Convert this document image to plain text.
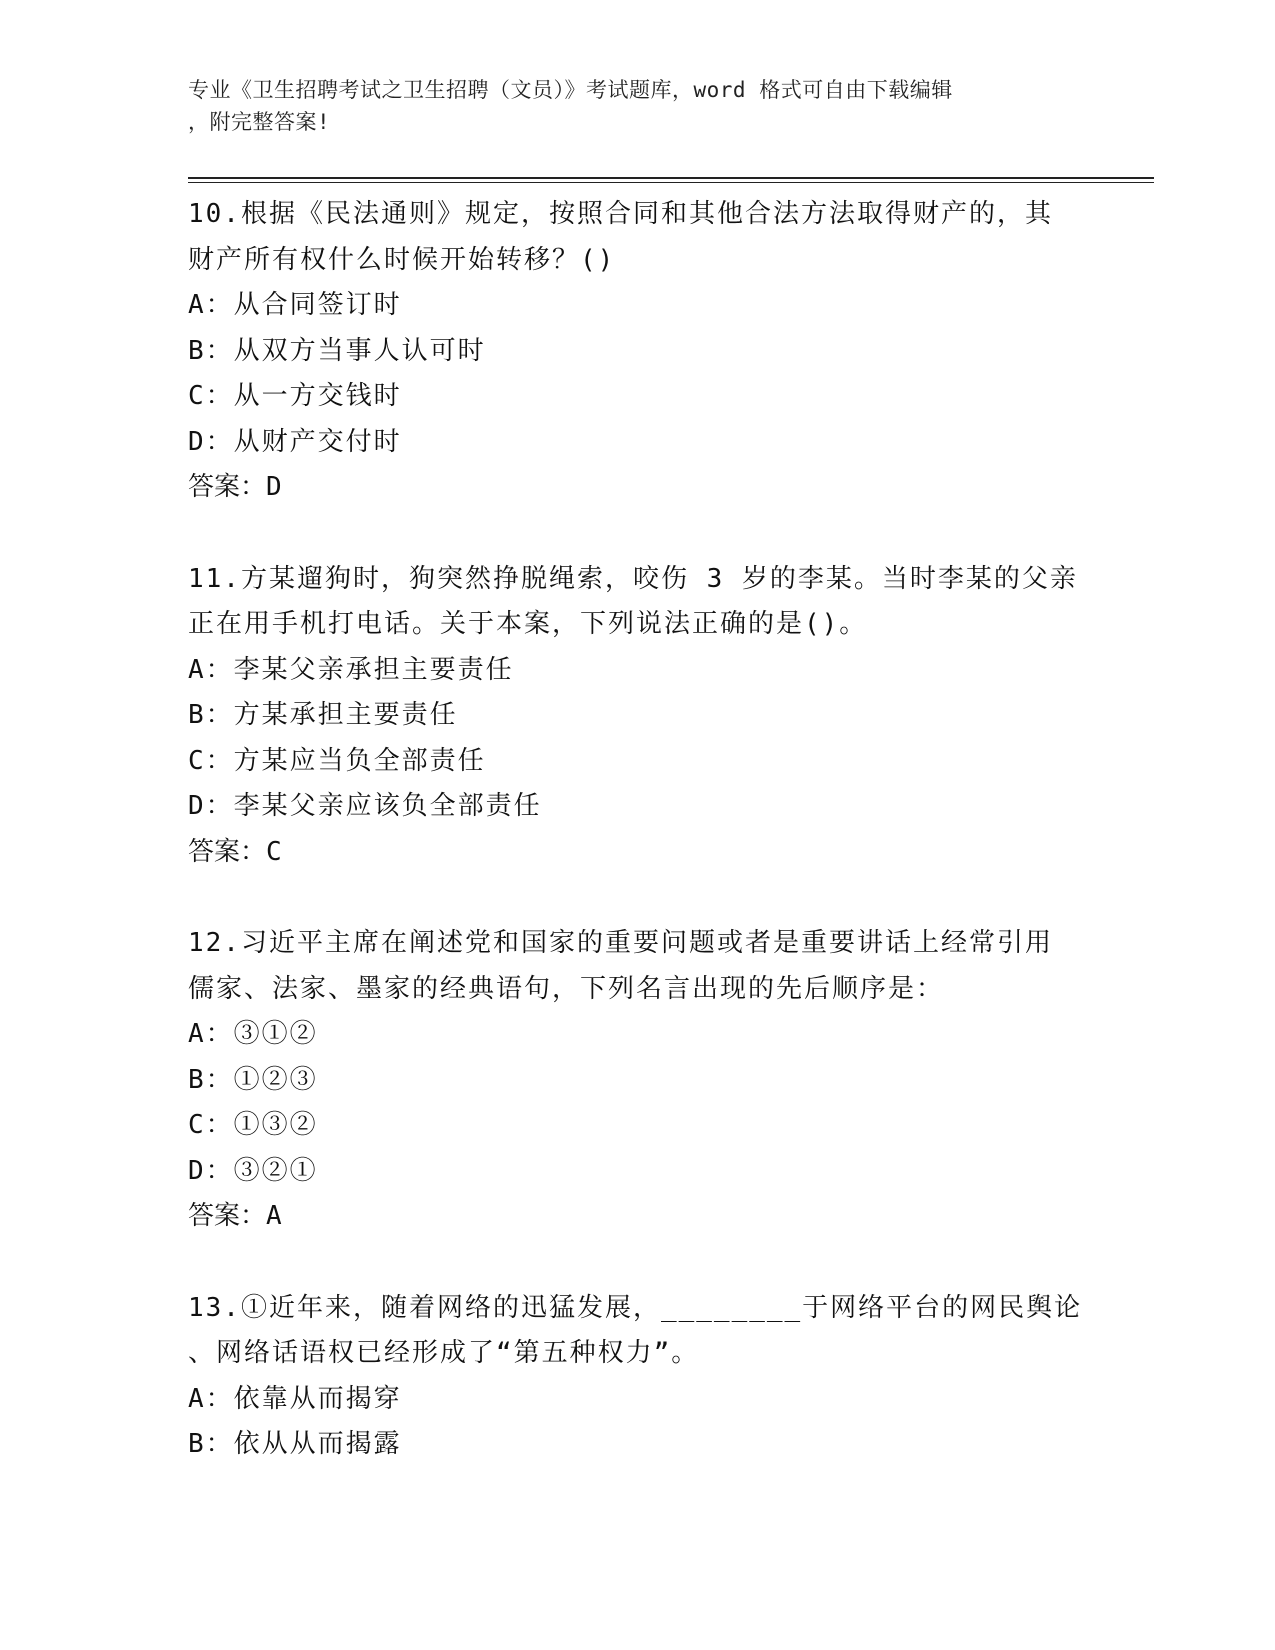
专业《卫生招聘考试之卫生招聘（文员）》考试题库，word 格式可自由下载编辑
，附完整答案!
10.根据《民法通则》规定，按照合同和其他合法方法取得财产的，其
财产所有权什么时候开始转移？()
A：从合同签订时
B：从双方当事人认可时
C：从一方交钱时
D：从财产交付时
答案：D
11.方某遛狗时，狗突然挣脱绳索，咬伤 3 岁的李某。当时李某的父亲
正在用手机打电话。关于本案，下列说法正确的是()。
A：李某父亲承担主要责任
B：方某承担主要责任
C：方某应当负全部责任
D：李某父亲应该负全部责任
答案：C
12.习近平主席在阐述党和国家的重要问题或者是重要讲话上经常引用
儒家、法家、墨家的经典语句，下列名言出现的先后顺序是：
A：③①②
B：①②③
C：①③②
D：③②①
答案：A
13.①近年来，随着网络的迅猛发展，________于网络平台的网民舆论
、网络话语权已经形成了“第五种权力”。
A：依靠从而揭穿
B：依从从而揭露
